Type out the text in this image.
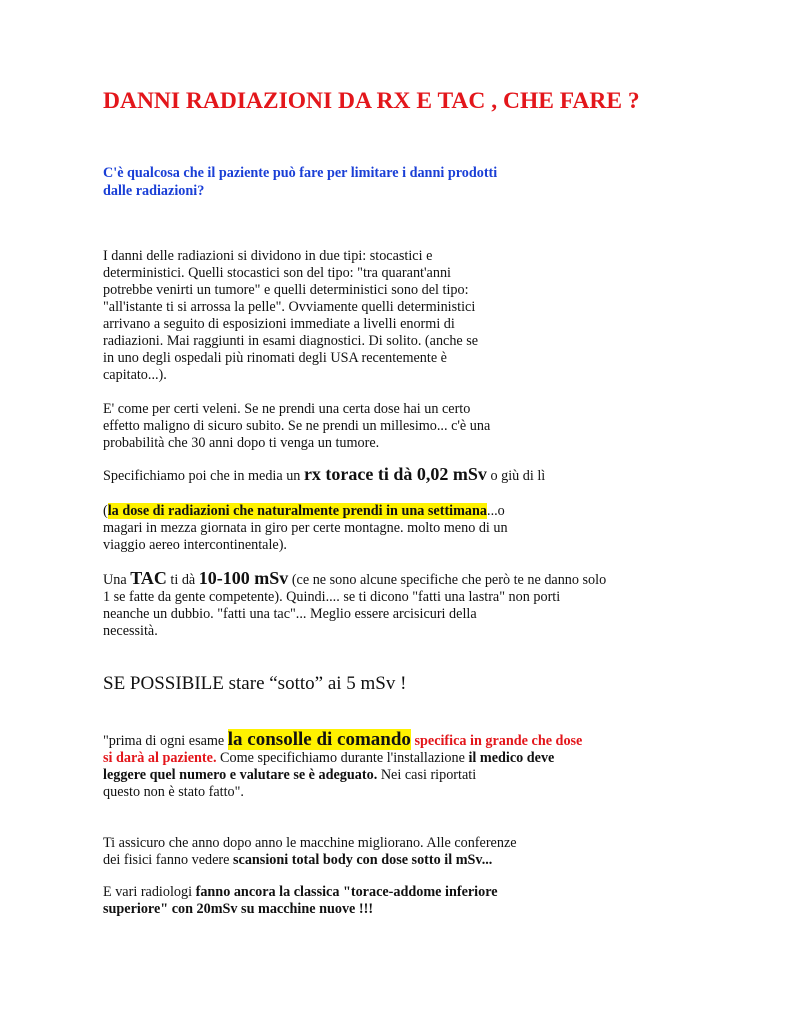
DANNI RADIAZIONI DA RX E TAC , CHE FARE ?
C'è qualcosa che il paziente può fare per limitare i danni prodotti
dalle radiazioni?
I danni delle radiazioni si dividono in due tipi: stocastici e
deterministici. Quelli stocastici son del tipo: "tra quarant'anni
potrebbe venirti un tumore" e quelli deterministici sono del tipo:
"all'istante ti si arrossa la pelle". Ovviamente quelli deterministici
arrivano a seguito di esposizioni immediate a livelli enormi di
radiazioni. Mai raggiunti in esami diagnostici. Di solito. (anche se
in uno degli ospedali più rinomati degli USA recentemente è
capitato...).
E' come per certi veleni. Se ne prendi una certa dose hai un certo
effetto maligno di sicuro subito. Se ne prendi un millesimo... c'è una
probabilità che 30 anni dopo ti venga un tumore.
Specifichiamo poi che in media un rx torace ti dà 0,02 mSv o giù di lì
(la dose di radiazioni che naturalmente prendi in una settimana...o
magari in mezza giornata in giro per certe montagne. molto meno di un
viaggio aereo intercontinentale).
Una TAC ti dà 10-100 mSv (ce ne sono alcune specifiche che però te ne danno solo
1 se fatte da gente competente). Quindi.... se ti dicono "fatti una lastra" non porti
neanche un dubbio. "fatti una tac"... Meglio essere arcisicuri della
necessità.
SE POSSIBILE stare “sotto” ai 5 mSv !
"prima di ogni esame la consolle di comando specifica in grande che dose
si darà al paziente. Come specifichiamo durante l'installazione il medico deve
leggere quel numero e valutare se è adeguato. Nei casi riportati
questo non è stato fatto".
Ti assicuro che anno dopo anno le macchine migliorano. Alle conferenze
dei fisici fanno vedere scansioni total body con dose sotto il mSv...
E vari radiologi fanno ancora la classica "torace-addome inferiore
superiore" con 20mSv su macchine nuove !!!
